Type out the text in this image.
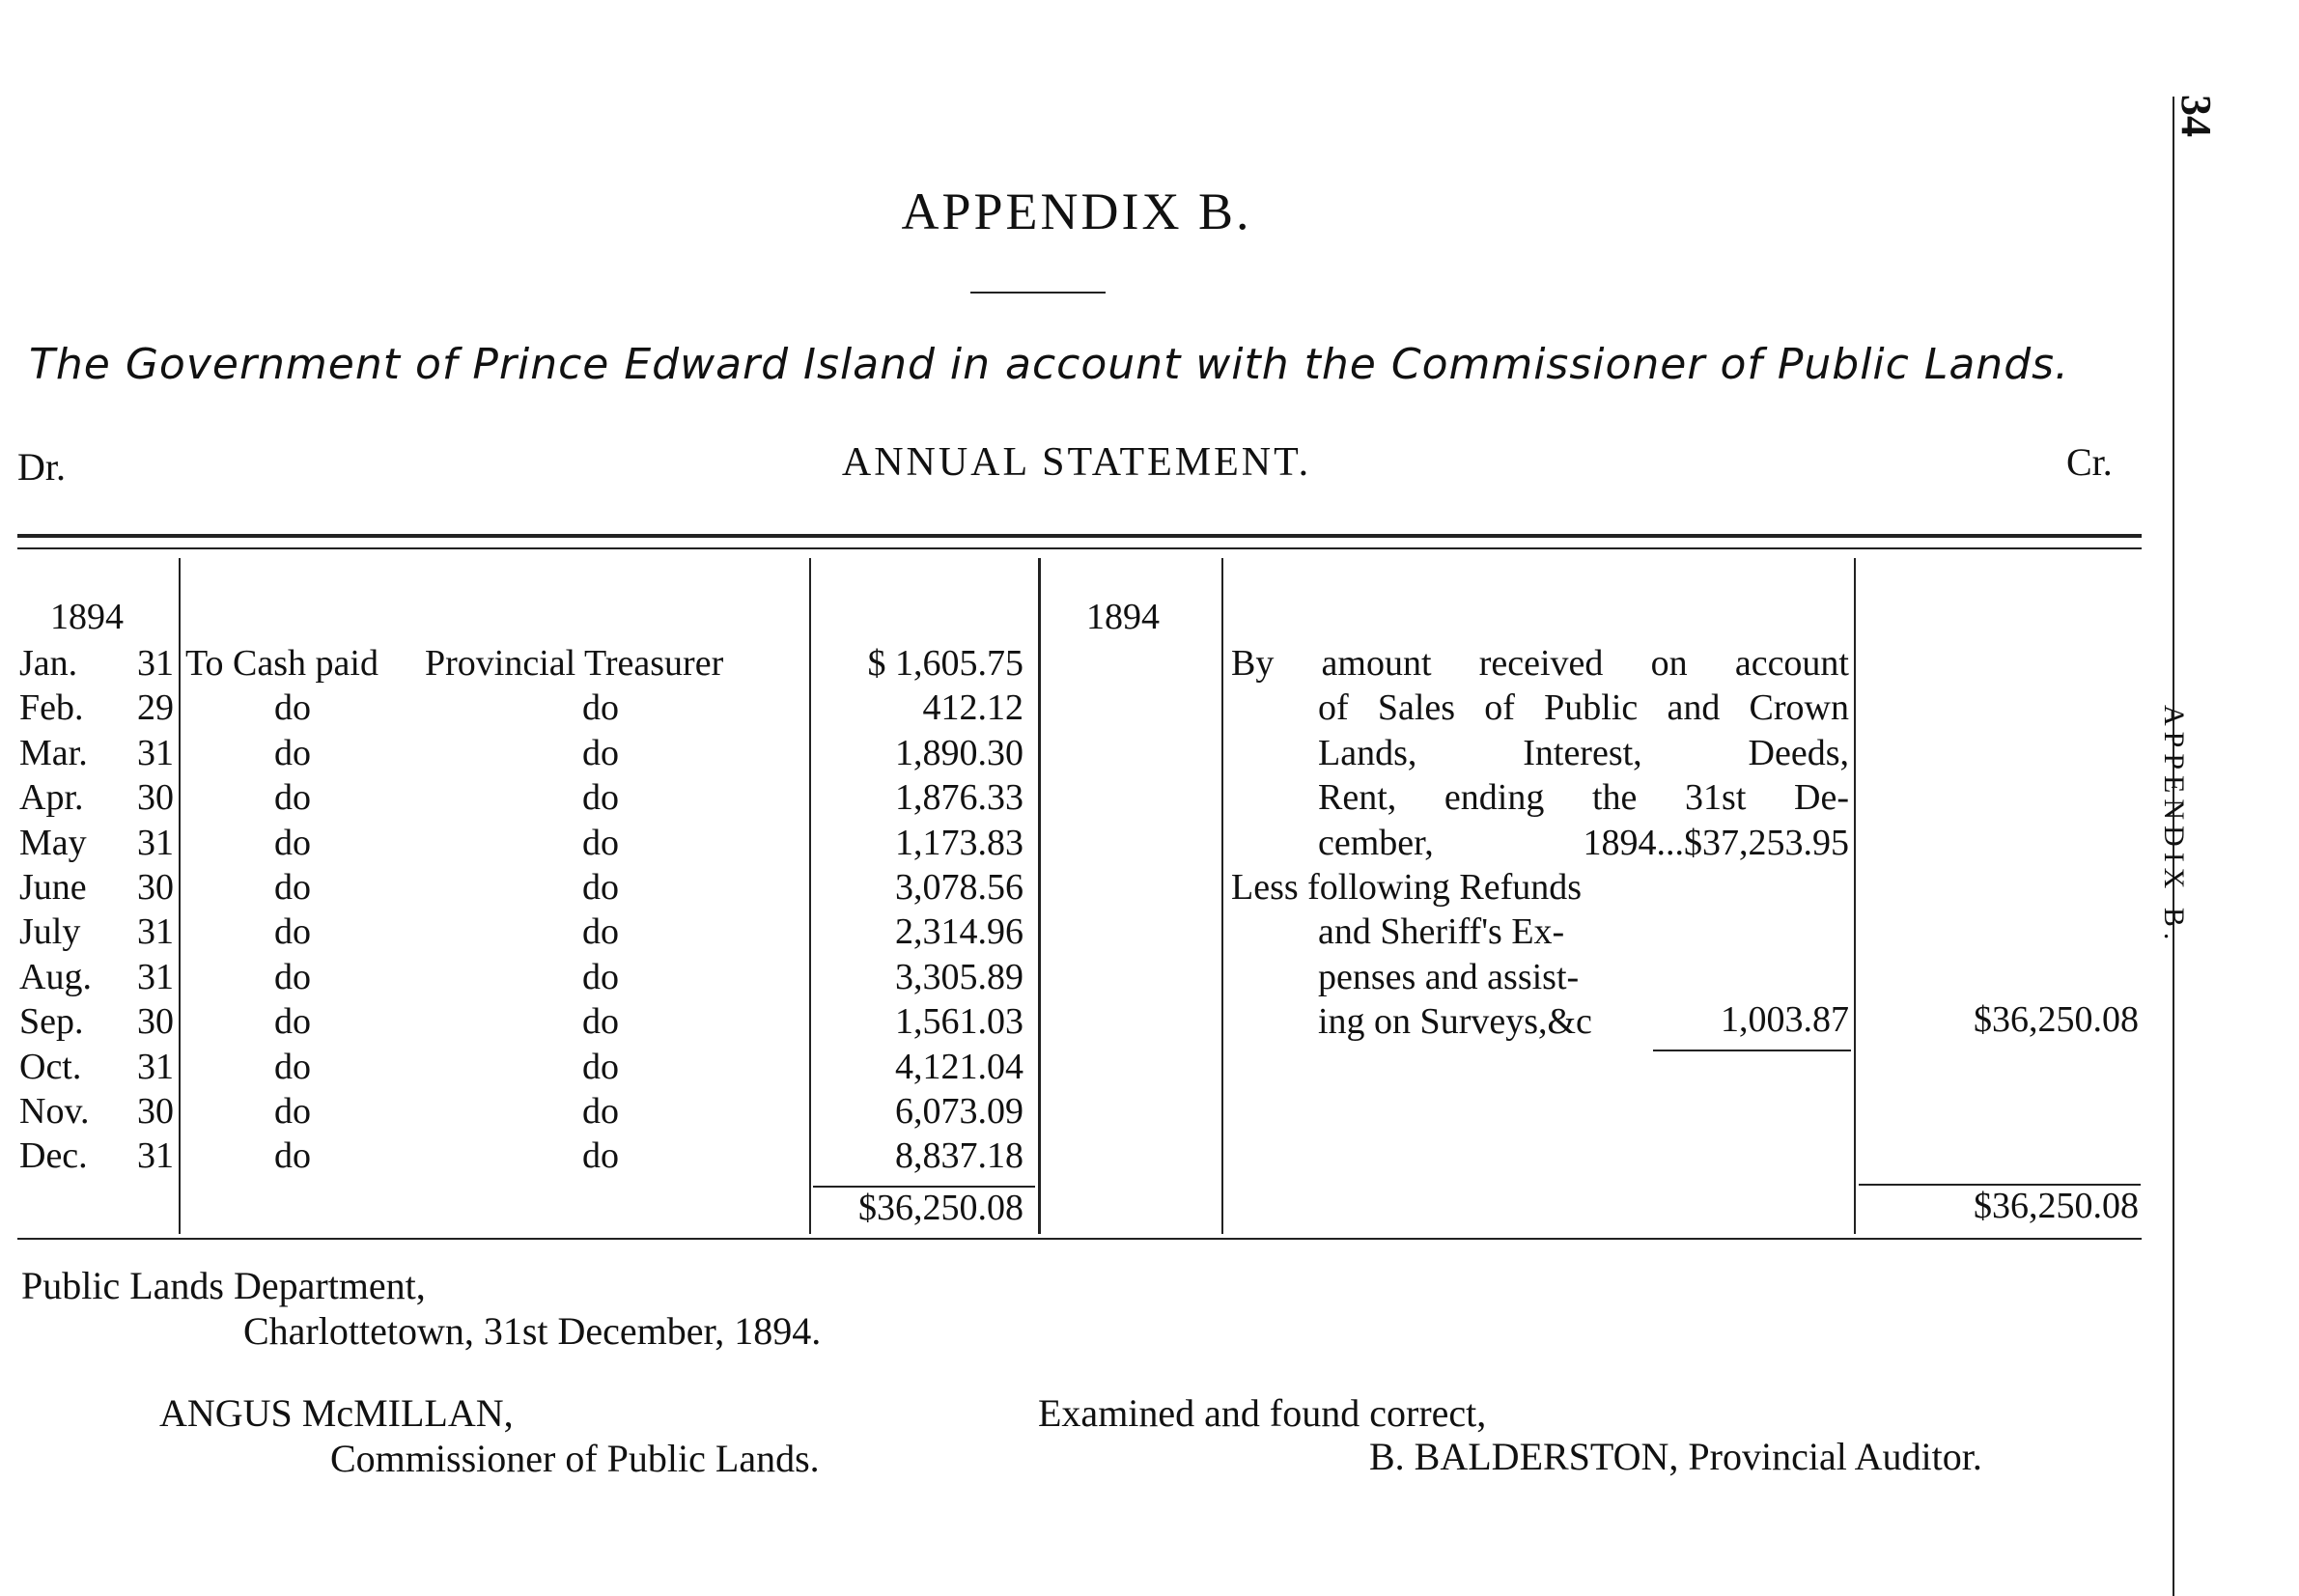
34
APPENDIX B.
APPENDIX B.
The Government of Prince Edward Island in account with the Commissioner of Public Lands.
Dr.	ANNUAL STATEMENT.	Cr.
1894
Jan. 31 To Cash paid Provincial Treasurer	$ 1,605.75
Feb. 29	do	do	412.12
Mar. 31	do	do	1,890.30
Apr. 30	do	do	1,876.33
May 31	do	do	1,173.83
June 30	do	do	3,078.56
July 31	do	do	2,314.96
Aug. 31	do	do	3,305.89
Sep. 30	do	do	1,561.03
Oct. 31	do	do	4,121.04
Nov. 30	do	do	6,073.09
Dec. 31	do	do	8,837.18
$36,250.08
1894
By amount received on account
of Sales of Public and Crown
Lands, Interest, Deeds,
Rent, ending the 31st De-
cember, 1894...$37,253.95
Less following Refunds
and Sheriff's Ex-
penses and assist-
ing on Surveys,&c	1,003.87	$36,250.08
$36,250.08
Public Lands Department,
Charlottetown, 31st December, 1894.
ANGUS McMILLAN,
Commissioner of Public Lands.
Examined and found correct,
B. BALDERSTON, Provincial Auditor.
